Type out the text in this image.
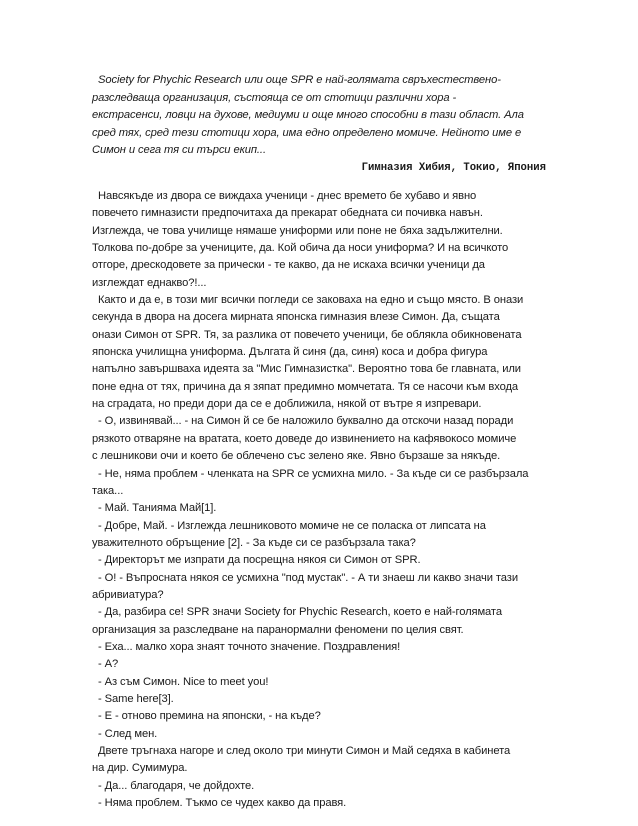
Society for Phychic Research или още SPR е най-голямата свръхестествено-
разследваща организация, състояща се от стотици различни хора -
екстрасенси, ловци на духове, медиуми и още много способни в тази област. Ала
сред тях, сред тези стотици хора, има едно определено момиче. Нейното име е
Симон и сега тя си търси екип...
Гимназия Хибия, Токио, Япония
Навсякъде из двора се виждаха ученици - днес времето бе хубаво и явно
повечето гимназисти предпочитаха да прекарат обедната си почивка навън.
Изглежда, че това училище нямаше униформи или поне не бяха задължителни.
Толкова по-добре за учениците, да. Кой обича да носи униформа? И на всичкото
отгоре, дрескодовете за прически - те какво, да не искаха всички ученици да
изглеждат еднакво?!...
Както и да е, в този миг всички погледи се заковаха на едно и също място. В онази
секунда в двора на досега мирната японска гимназия влезе Симон. Да, същата
онази Симон от SPR. Тя, за разлика от повечето ученици, бе облякла обикновената
японска училищна униформа. Дългата й синя (да, синя) коса и добра фигура
напълно завършваха идеята за "Мис Гимназистка". Вероятно това бе главната, или
поне една от тях, причина да я зяпат предимно момчетата. Тя се насочи към входа
на сградата, но преди дори да се е доближила, някой от вътре я изпревари.
- О, извинявай... - на Симон й се бе наложило буквално да отскочи назад поради
рязкото отваряне на вратата, което доведе до извинението на кафявокосо момиче
с лешникови очи и което бе облечено със зелено яке. Явно бързаше за някъде.
- Не, няма проблем - членката на SPR се усмихна мило. - За къде си се разбързала
така...
- Май. Танияма Май[1].
- Добре, Май. - Изглежда лешниковото момиче не се поласка от липсата на
уважителното обръщение [2]. - За къде си се разбързала така?
- Директорът ме изпрати да посрещна някоя си Симон от SPR.
- О! - Въпросната някоя се усмихна "под мустак". - А ти знаеш ли какво значи тази
абривиатура?
- Да, разбира се! SPR значи Society for Phychic Research, което е най-голямата
организация за разследване на паранормални феномени по целия свят.
- Еха... малко хора знаят точното значение. Поздравления!
- А?
- Аз съм Симон. Nice to meet you!
- Same here[3].
- Е - отново премина на японски, - на къде?
- След мен.
Двете тръгнаха нагоре и след около три минути Симон и Май седяха в кабинета
на дир. Сумимура.
- Да... благодаря, че дойдохте.
- Няма проблем. Тъкмо се чудех какво да правя.
